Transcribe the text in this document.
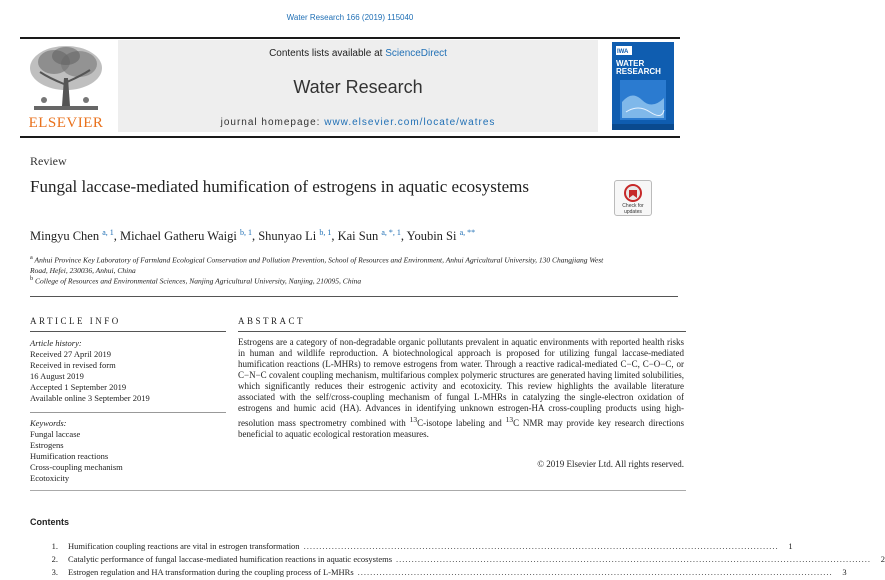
Water Research 166 (2019) 115040
Contents lists available at ScienceDirect
Water Research
journal homepage: www.elsevier.com/locate/watres
ELSEVIER
IWA
WATER
RESEARCH
Review
Fungal laccase-mediated humification of estrogens in aquatic ecosystems
Check for updates
Mingyu Chen $^{a, 1}$, Michael Gatheru Waigi $^{b, 1}$, Shunyao Li $^{b, 1}$, Kai Sun $^{a, *, 1}$, Youbin Si $^{a, **}$
$^a$ Anhui Province Key Laboratory of Farmland Ecological Conservation and Pollution Prevention, School of Resources and Environment, Anhui Agricultural University, 130 Changjiang West Road, Hefei, 230036, Anhui, China
$^b$ College of Resources and Environmental Sciences, Nanjing Agricultural University, Nanjing, 210095, China
ARTICLE INFO
Article history:
Received 27 April 2019
Received in revised form
16 August 2019
Accepted 1 September 2019
Available online 3 September 2019
Keywords:
Fungal laccase
Estrogens
Humification reactions
Cross-coupling mechanism
Ecotoxicity
ABSTRACT
Estrogens are a category of non-degradable organic pollutants prevalent in aquatic environments with reported health risks in human and wildlife reproduction. A biotechnological approach is proposed for utilizing fungal laccase-mediated humification reactions (L-MHRs) to remove estrogens from water. Through a reactive radical-mediated C−C, C−O−C, or C−N−C covalent coupling mechanism, multifarious complex polymeric structures are generated having limited solubilities, which significantly reduces their estrogenic activity and ecotoxicity. This review highlights the available literature associated with the self/cross-coupling mechanism of fungal L-MHRs in catalyzing the single-electron oxidation of estrogens and humic acid (HA). Advances in identifying unknown estrogen-HA cross-coupling products using high-resolution mass spectrometry combined with $^{13}$C-isotope labeling and $^{13}$C NMR may provide key research directions beneficial to aquatic ecological restoration measures.
© 2019 Elsevier Ltd. All rights reserved.
Contents
1.	Humification coupling reactions are vital in estrogen transformation ........................................................................................................................................................	1
2.	Catalytic performance of fungal laccase-mediated humification reactions in aquatic ecosystems ........................................................................................................................................................	2
3.	Estrogen regulation and HA transformation during the coupling process of L-MHRs ........................................................................................................................................................	3
